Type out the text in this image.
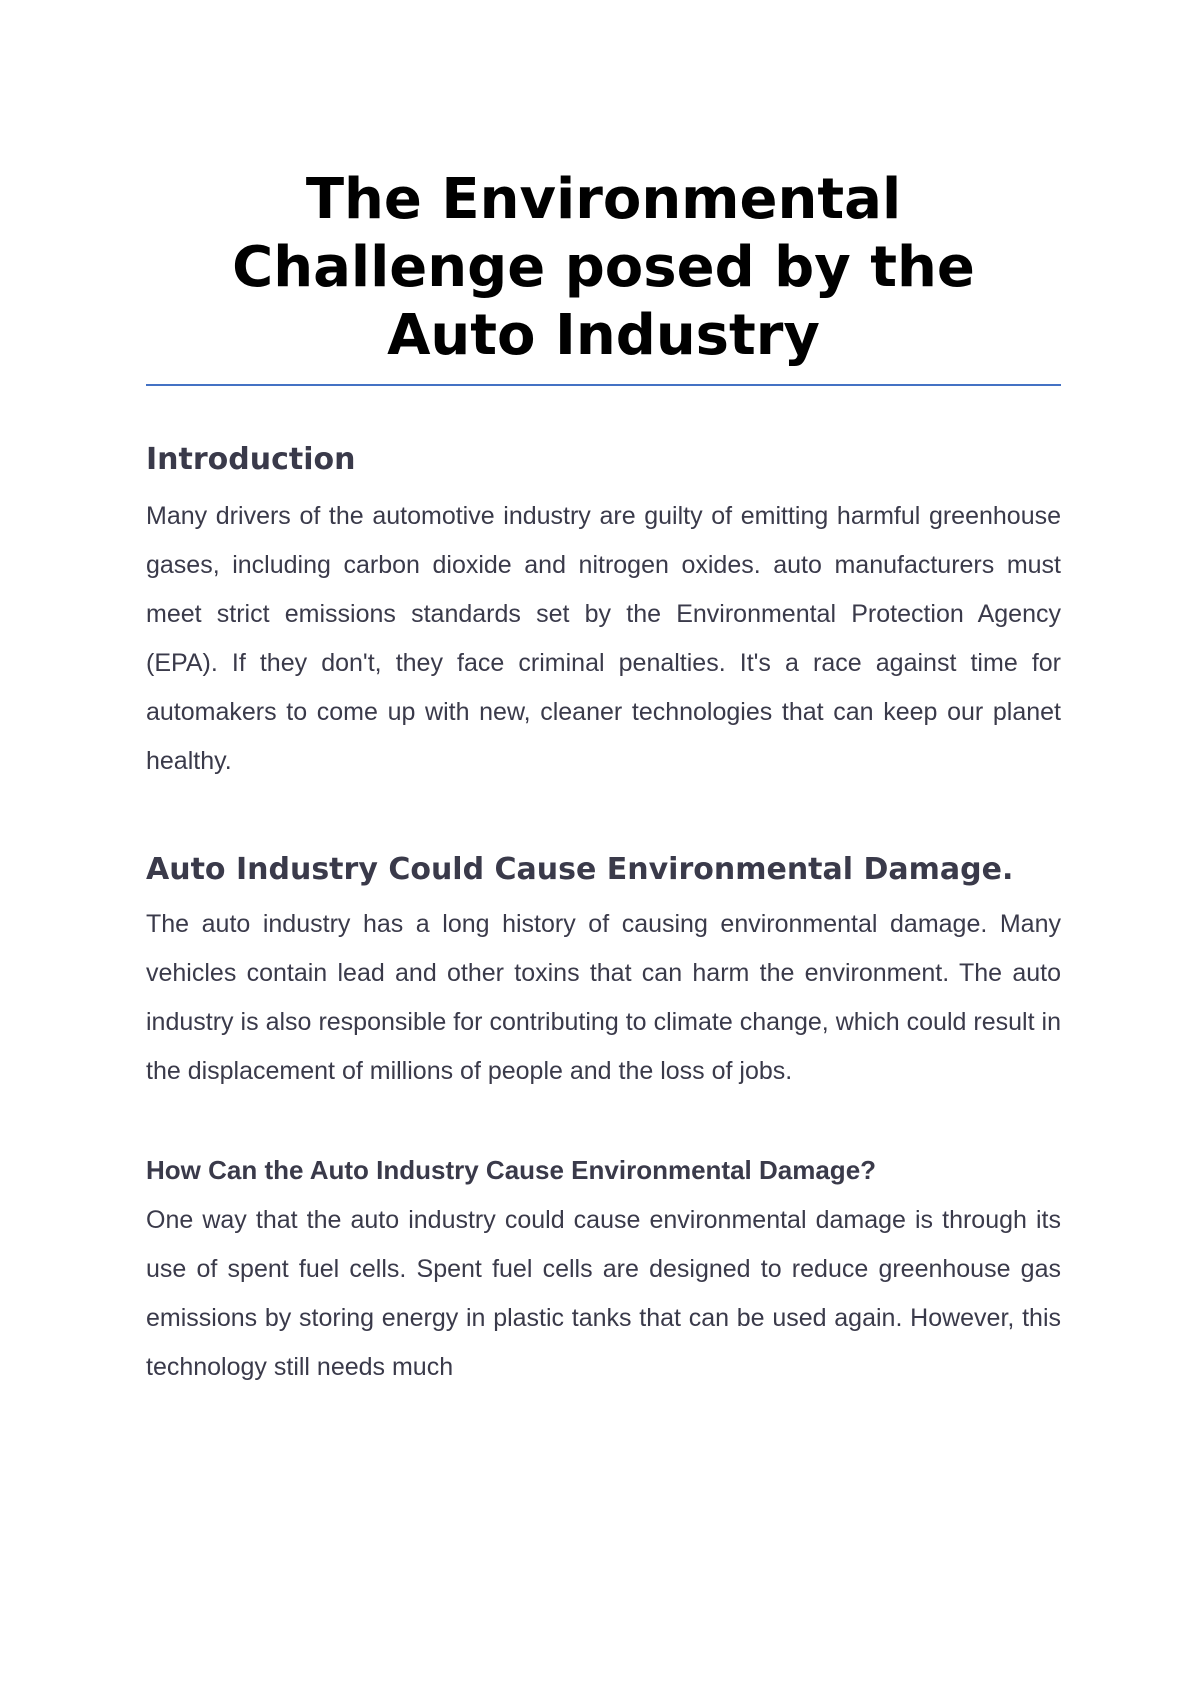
The Environmental Challenge posed by the Auto Industry
Introduction

Many drivers of the automotive industry are guilty of emitting harmful greenhouse gases, including carbon dioxide and nitrogen oxides. auto manufacturers must meet strict emissions standards set by the Environmental Protection Agency (EPA). If they don't, they face criminal penalties. It's a race against time for automakers to come up with new, cleaner technologies that can keep our planet healthy.

Auto Industry Could Cause Environmental Damage.

The auto industry has a long history of causing environmental damage. Many vehicles contain lead and other toxins that can harm the environment. The auto industry is also responsible for contributing to climate change, which could result in the displacement of millions of people and the loss of jobs.

How Can the Auto Industry Cause Environmental Damage?

One way that the auto industry could cause environmental damage is through its use of spent fuel cells. Spent fuel cells are designed to reduce greenhouse gas emissions by storing energy in plastic tanks that can be used again. However, this technology still needs much
